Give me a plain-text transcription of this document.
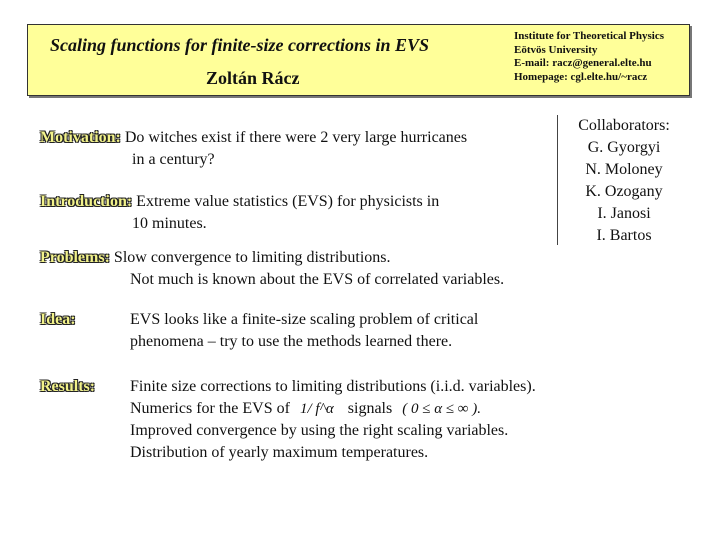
Scaling functions for finite-size corrections in EVS
Zoltán Rácz
Institute for Theoretical Physics
Eötvös University
E-mail: racz@general.elte.hu
Homepage: cgl.elte.hu/~racz
Motivation: Do witches exist if there were 2 very large hurricanes
in a century?
Introduction: Extreme value statistics (EVS) for physicists in
10 minutes.
Collaborators:
G. Gyorgyi
N. Moloney
K. Ozogany
I. Janosi
I. Bartos
Problems: Slow convergence to limiting distributions.
Not much is known about the EVS of correlated variables.
Idea:	EVS looks like a finite-size scaling problem of critical
phenomena – try to use the methods learned there.
Results: Finite size corrections to limiting distributions (i.i.d. variables).
Numerics for the EVS of 1/ f^α signals ( 0 ≤ α ≤ ∞ ).
Improved convergence by using the right scaling variables.
Distribution of yearly maximum temperatures.
